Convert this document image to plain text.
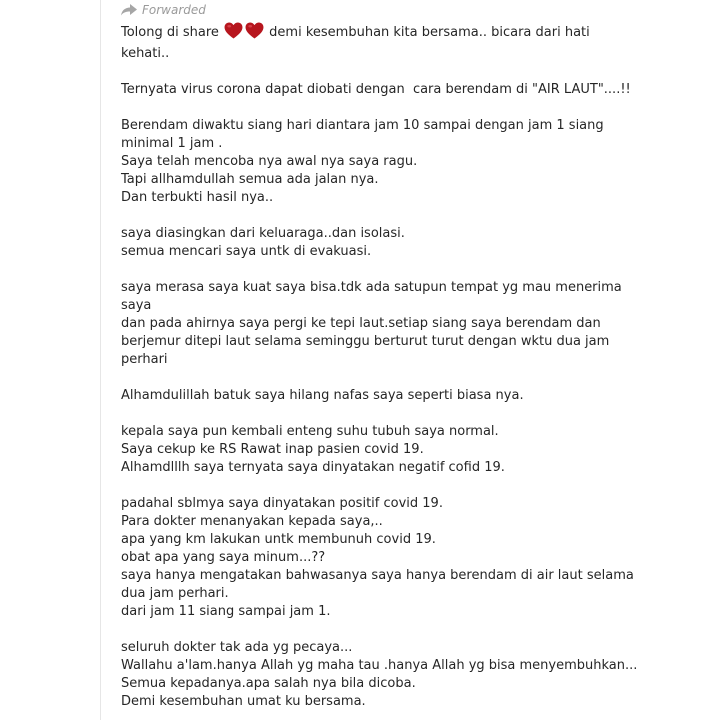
Forwarded
Tolong di share	demi kesembuhan kita bersama.. bicara dari hati
kehati..
Ternyata virus corona dapat diobati dengan  cara berendam di "AIR LAUT"....!!
Berendam diwaktu siang hari diantara jam 10 sampai dengan jam 1 siang
minimal 1 jam .
Saya telah mencoba nya awal nya saya ragu.
Tapi allhamdullah semua ada jalan nya.
Dan terbukti hasil nya..
saya diasingkan dari keluaraga..dan isolasi.
semua mencari saya untk di evakuasi.
saya merasa saya kuat saya bisa.tdk ada satupun tempat yg mau menerima
saya
dan pada ahirnya saya pergi ke tepi laut.setiap siang saya berendam dan
berjemur ditepi laut selama seminggu berturut turut dengan wktu dua jam
perhari
Alhamdulillah batuk saya hilang nafas saya seperti biasa nya.
kepala saya pun kembali enteng suhu tubuh saya normal.
Saya cekup ke RS Rawat inap pasien covid 19.
Alhamdlllh saya ternyata saya dinyatakan negatif cofid 19.
padahal sblmya saya dinyatakan positif covid 19.
Para dokter menanyakan kepada saya,..
apa yang km lakukan untk membunuh covid 19.
obat apa yang saya minum...??
saya hanya mengatakan bahwasanya saya hanya berendam di air laut selama
dua jam perhari.
dari jam 11 siang sampai jam 1.
seluruh dokter tak ada yg pecaya...
Wallahu a'lam.hanya Allah yg maha tau .hanya Allah yg bisa menyembuhkan...
Semua kepadanya.apa salah nya bila dicoba.
Demi kesembuhan umat ku bersama.
